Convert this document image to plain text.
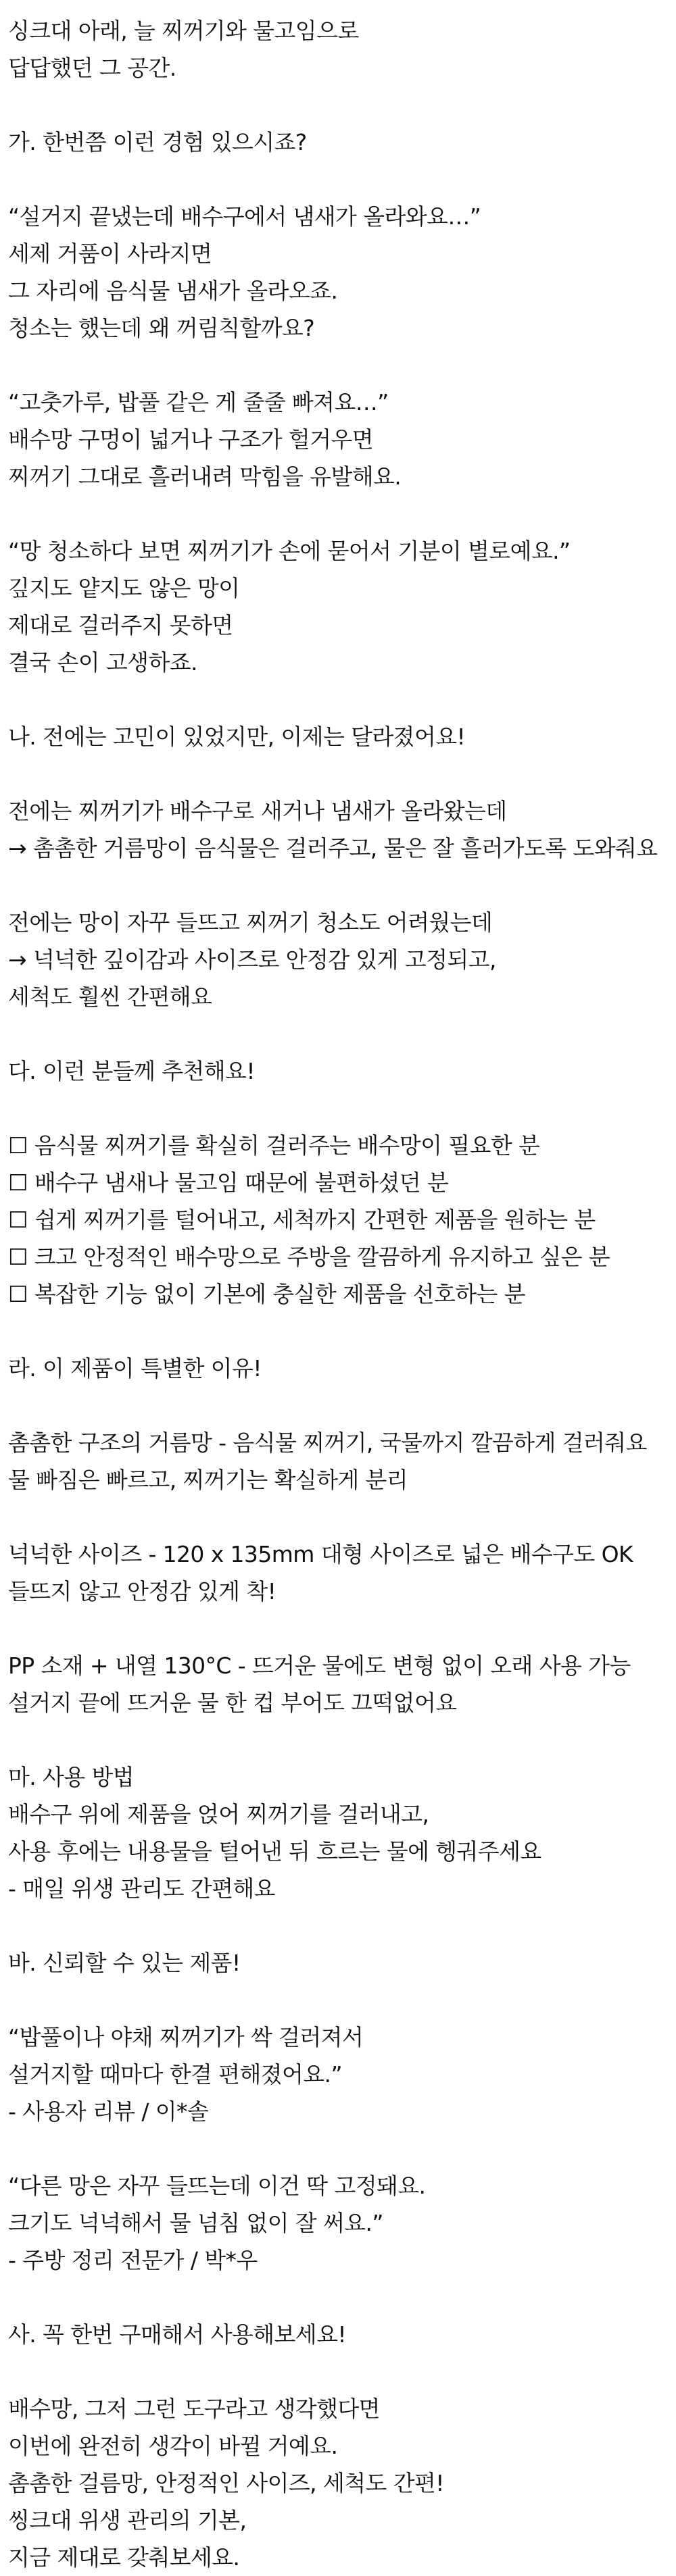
싱크대 아래, 늘 찌꺼기와 물고임으로

답답했던 그 공간.

가. 한번쯤 이런 경험 있으시죠?

“설거지 끝냈는데 배수구에서 냄새가 올라와요…”

세제 거품이 사라지면

그 자리에 음식물 냄새가 올라오죠.

청소는 했는데 왜 꺼림칙할까요?

“고춧가루, 밥풀 같은 게 줄줄 빠져요…”

배수망 구멍이 넓거나 구조가 헐거우면

찌꺼기 그대로 흘러내려 막힘을 유발해요.

“망 청소하다 보면 찌꺼기가 손에 묻어서 기분이 별로예요.”

깊지도 얕지도 않은 망이

제대로 걸러주지 못하면

결국 손이 고생하죠.

나. 전에는 고민이 있었지만, 이제는 달라졌어요!

전에는 찌꺼기가 배수구로 새거나 냄새가 올라왔는데

→ 촘촘한 거름망이 음식물은 걸러주고, 물은 잘 흘러가도록 도와줘요

전에는 망이 자꾸 들뜨고 찌꺼기 청소도 어려웠는데

→ 넉넉한 깊이감과 사이즈로 안정감 있게 고정되고,

세척도 훨씬 간편해요

다. 이런 분들께 추천해요!

☐ 음식물 찌꺼기를 확실히 걸러주는 배수망이 필요한 분

☐ 배수구 냄새나 물고임 때문에 불편하셨던 분

☐ 쉽게 찌꺼기를 털어내고, 세척까지 간편한 제품을 원하는 분

☐ 크고 안정적인 배수망으로 주방을 깔끔하게 유지하고 싶은 분

☐ 복잡한 기능 없이 기본에 충실한 제품을 선호하는 분

라. 이 제품이 특별한 이유!

촘촘한 구조의 거름망 - 음식물 찌꺼기, 국물까지 깔끔하게 걸러줘요

물 빠짐은 빠르고, 찌꺼기는 확실하게 분리

넉넉한 사이즈 - 120 x 135mm 대형 사이즈로 넓은 배수구도 OK

들뜨지 않고 안정감 있게 착!

PP 소재 + 내열 130°C - 뜨거운 물에도 변형 없이 오래 사용 가능

설거지 끝에 뜨거운 물 한 컵 부어도 끄떡없어요

마. 사용 방법

배수구 위에 제품을 얹어 찌꺼기를 걸러내고,

사용 후에는 내용물을 털어낸 뒤 흐르는 물에 헹궈주세요

- 매일 위생 관리도 간편해요

바. 신뢰할 수 있는 제품!

“밥풀이나 야채 찌꺼기가 싹 걸러져서

설거지할 때마다 한결 편해졌어요.”

- 사용자 리뷰 / 이*솔

“다른 망은 자꾸 들뜨는데 이건 딱 고정돼요.

크기도 넉넉해서 물 넘침 없이 잘 써요.”

- 주방 정리 전문가 / 박*우

사. 꼭 한번 구매해서 사용해보세요!

배수망, 그저 그런 도구라고 생각했다면

이번에 완전히 생각이 바뀔 거예요.

촘촘한 걸름망, 안정적인 사이즈, 세척도 간편!

씽크대 위생 관리의 기본,

지금 제대로 갖춰보세요.
